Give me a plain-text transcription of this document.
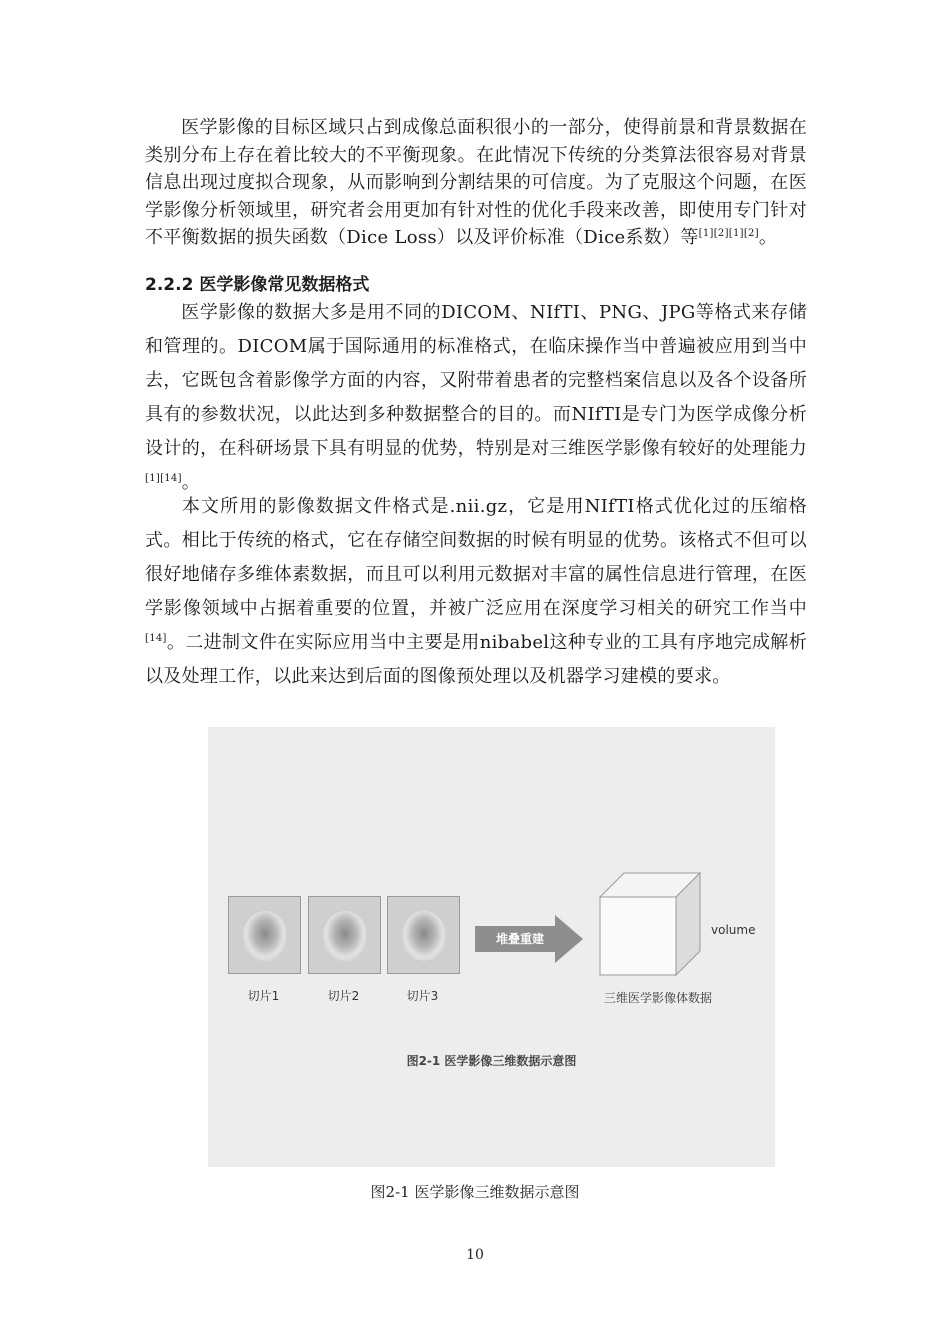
医学影像的目标区域只占到成像总面积很小的一部分，使得前景和背景数据在类别分布上存在着比较大的不平衡现象。在此情况下传统的分类算法很容易对背景信息出现过度拟合现象，从而影响到分割结果的可信度。为了克服这个问题，在医学影像分析领域里，研究者会用更加有针对性的优化手段来改善，即使用专门针对不平衡数据的损失函数（Dice Loss）以及评价标准（Dice系数）等[1][2][1][2]。
2.2.2 医学影像常见数据格式
医学影像的数据大多是用不同的DICOM、NIfTI、PNG、JPG等格式来存储和管理的。DICOM属于国际通用的标准格式，在临床操作当中普遍被应用到当中去，它既包含着影像学方面的内容，又附带着患者的完整档案信息以及各个设备所具有的参数状况，以此达到多种数据整合的目的。而NIfTI是专门为医学成像分析设计的，在科研场景下具有明显的优势，特别是对三维医学影像有较好的处理能力[1][14]。
本文所用的影像数据文件格式是.nii.gz，它是用NIfTI格式优化过的压缩格式。相比于传统的格式，它在存储空间数据的时候有明显的优势。该格式不但可以很好地储存多维体素数据，而且可以利用元数据对丰富的属性信息进行管理，在医学影像领域中占据着重要的位置，并被广泛应用在深度学习相关的研究工作当中[14]。二进制文件在实际应用当中主要是用nibabel这种专业的工具有序地完成解析以及处理工作，以此来达到后面的图像预处理以及机器学习建模的要求。
切片1	切片2	切片3
堆叠重建
volume
三维医学影像体数据
图2-1 医学影像三维数据示意图
图2-1 医学影像三维数据示意图
10
